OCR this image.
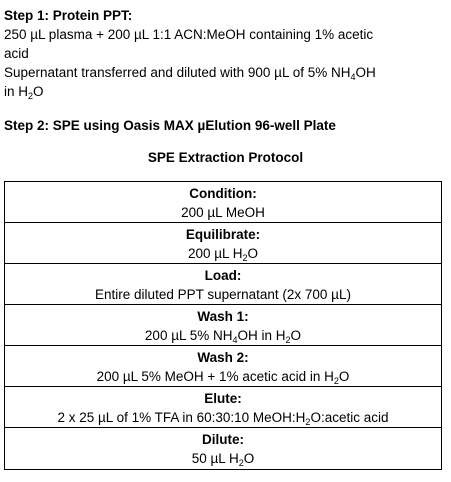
Step 1: Protein PPT:
250 µL plasma + 200 µL 1:1 ACN:MeOH containing 1% acetic
acid
Supernatant transferred and diluted with 900 µL of 5% $NH_4OH$
in $H_2O$
Step 2: SPE using Oasis MAX µElution 96-well Plate
SPE Extraction Protocol
Condition:
200 µL MeOH
Equilibrate:
200 µL $H_2O$
Load:
Entire diluted PPT supernatant (2x 700 µL)
Wash 1:
200 µL 5% $NH_4OH$ in $H_2O$
Wash 2:
200 µL 5% MeOH + 1% acetic acid in $H_2O$
Elute:
2 x 25 µL of 1% TFA in 60:30:10 $MeOH:H_2O:acetic$ acid
Dilute:
50 µL $H_2O$
